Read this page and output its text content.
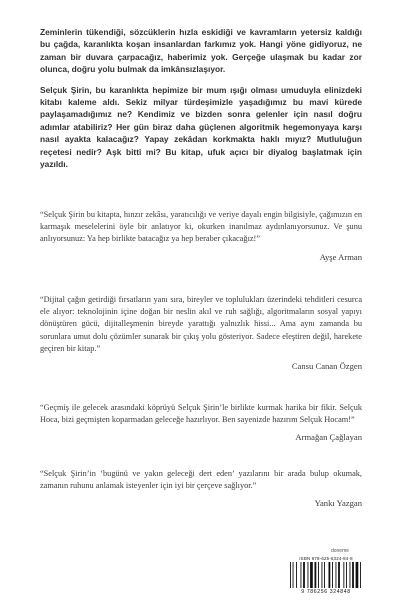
Zeminlerin tükendiği, sözcüklerin hızla eskidiği ve kavramların yetersiz kaldığı bu çağda, karanlıkta koşan insanlardan farkımız yok. Hangi yöne gidiyoruz, ne zaman bir duvara çarpacağız, haberimiz yok. Gerçeğe ulaşmak bu kadar zor olunca, doğru yolu bulmak da imkânsızlaşıyor.

Selçuk Şirin, bu karanlıkta hepimize bir mum ışığı olması umuduyla elinizdeki kitabı kaleme aldı. Sekiz milyar türdeşimizle yaşadığımız bu mavi kürede paylaşamadığımız ne? Kendimiz ve bizden sonra gelenler için nasıl doğru adımlar atabiliriz? Her gün biraz daha güçlenen algoritmik hegemonyaya karşı nasıl ayakta kalacağız? Yapay zekâdan korkmakta haklı mıyız? Mutluluğun reçetesi nedir? Aşk bitti mi? Bu kitap, ufuk açıcı bir diyalog başlatmak için yazıldı.

“Selçuk Şirin bu kitapta, hınzır zekâsı, yaratıcılığı ve veriye dayalı engin bilgisiyle, çağımızın en karmaşık meselelerini öyle bir anlatıyor ki, okurken inanılmaz aydınlanıyorsunuz. Ve şunu anlıyorsunuz: Ya hep birlikte batacağız ya hep beraber çıkacağız!”

Ayşe Arman

“Dijital çağın getirdiği fırsatların yanı sıra, bireyler ve toplulukları üzerindeki tehditleri cesurca ele alıyor: teknolojinin içine doğan bir neslin akıl ve ruh sağlığı, algoritmaların sosyal yapıyı dönüştüren gücü, dijitalleşmenin bireyde yarattığı yalnızlık hissi... Ama aynı zamanda bu sorunlara umut dolu çözümler sunarak bir çıkış yolu gösteriyor. Sadece eleştiren değil, harekete geçiren bir kitap.”

Cansu Canan Özgen

“Geçmiş ile gelecek arasındaki köprüyü Selçuk Şirin’le birlikte kurmak harika bir fikir. Selçuk Hoca, bizi geçmişten koparmadan geleceğe hazırlıyor. Ben sayenizde hazırım Selçuk Hocam!”

Armağan Çağlayan

“Selçuk Şirin’in ‘bugünü ve yakın geleceği dert eden’ yazılarını bir arada bulup okumak, zamanın ruhunu anlamak isteyenler için iyi bir çerçeve sağlıyor.”

Yankı Yazgan

doneme
ISBN 978-625-6324-84-8
9 786256 324848
